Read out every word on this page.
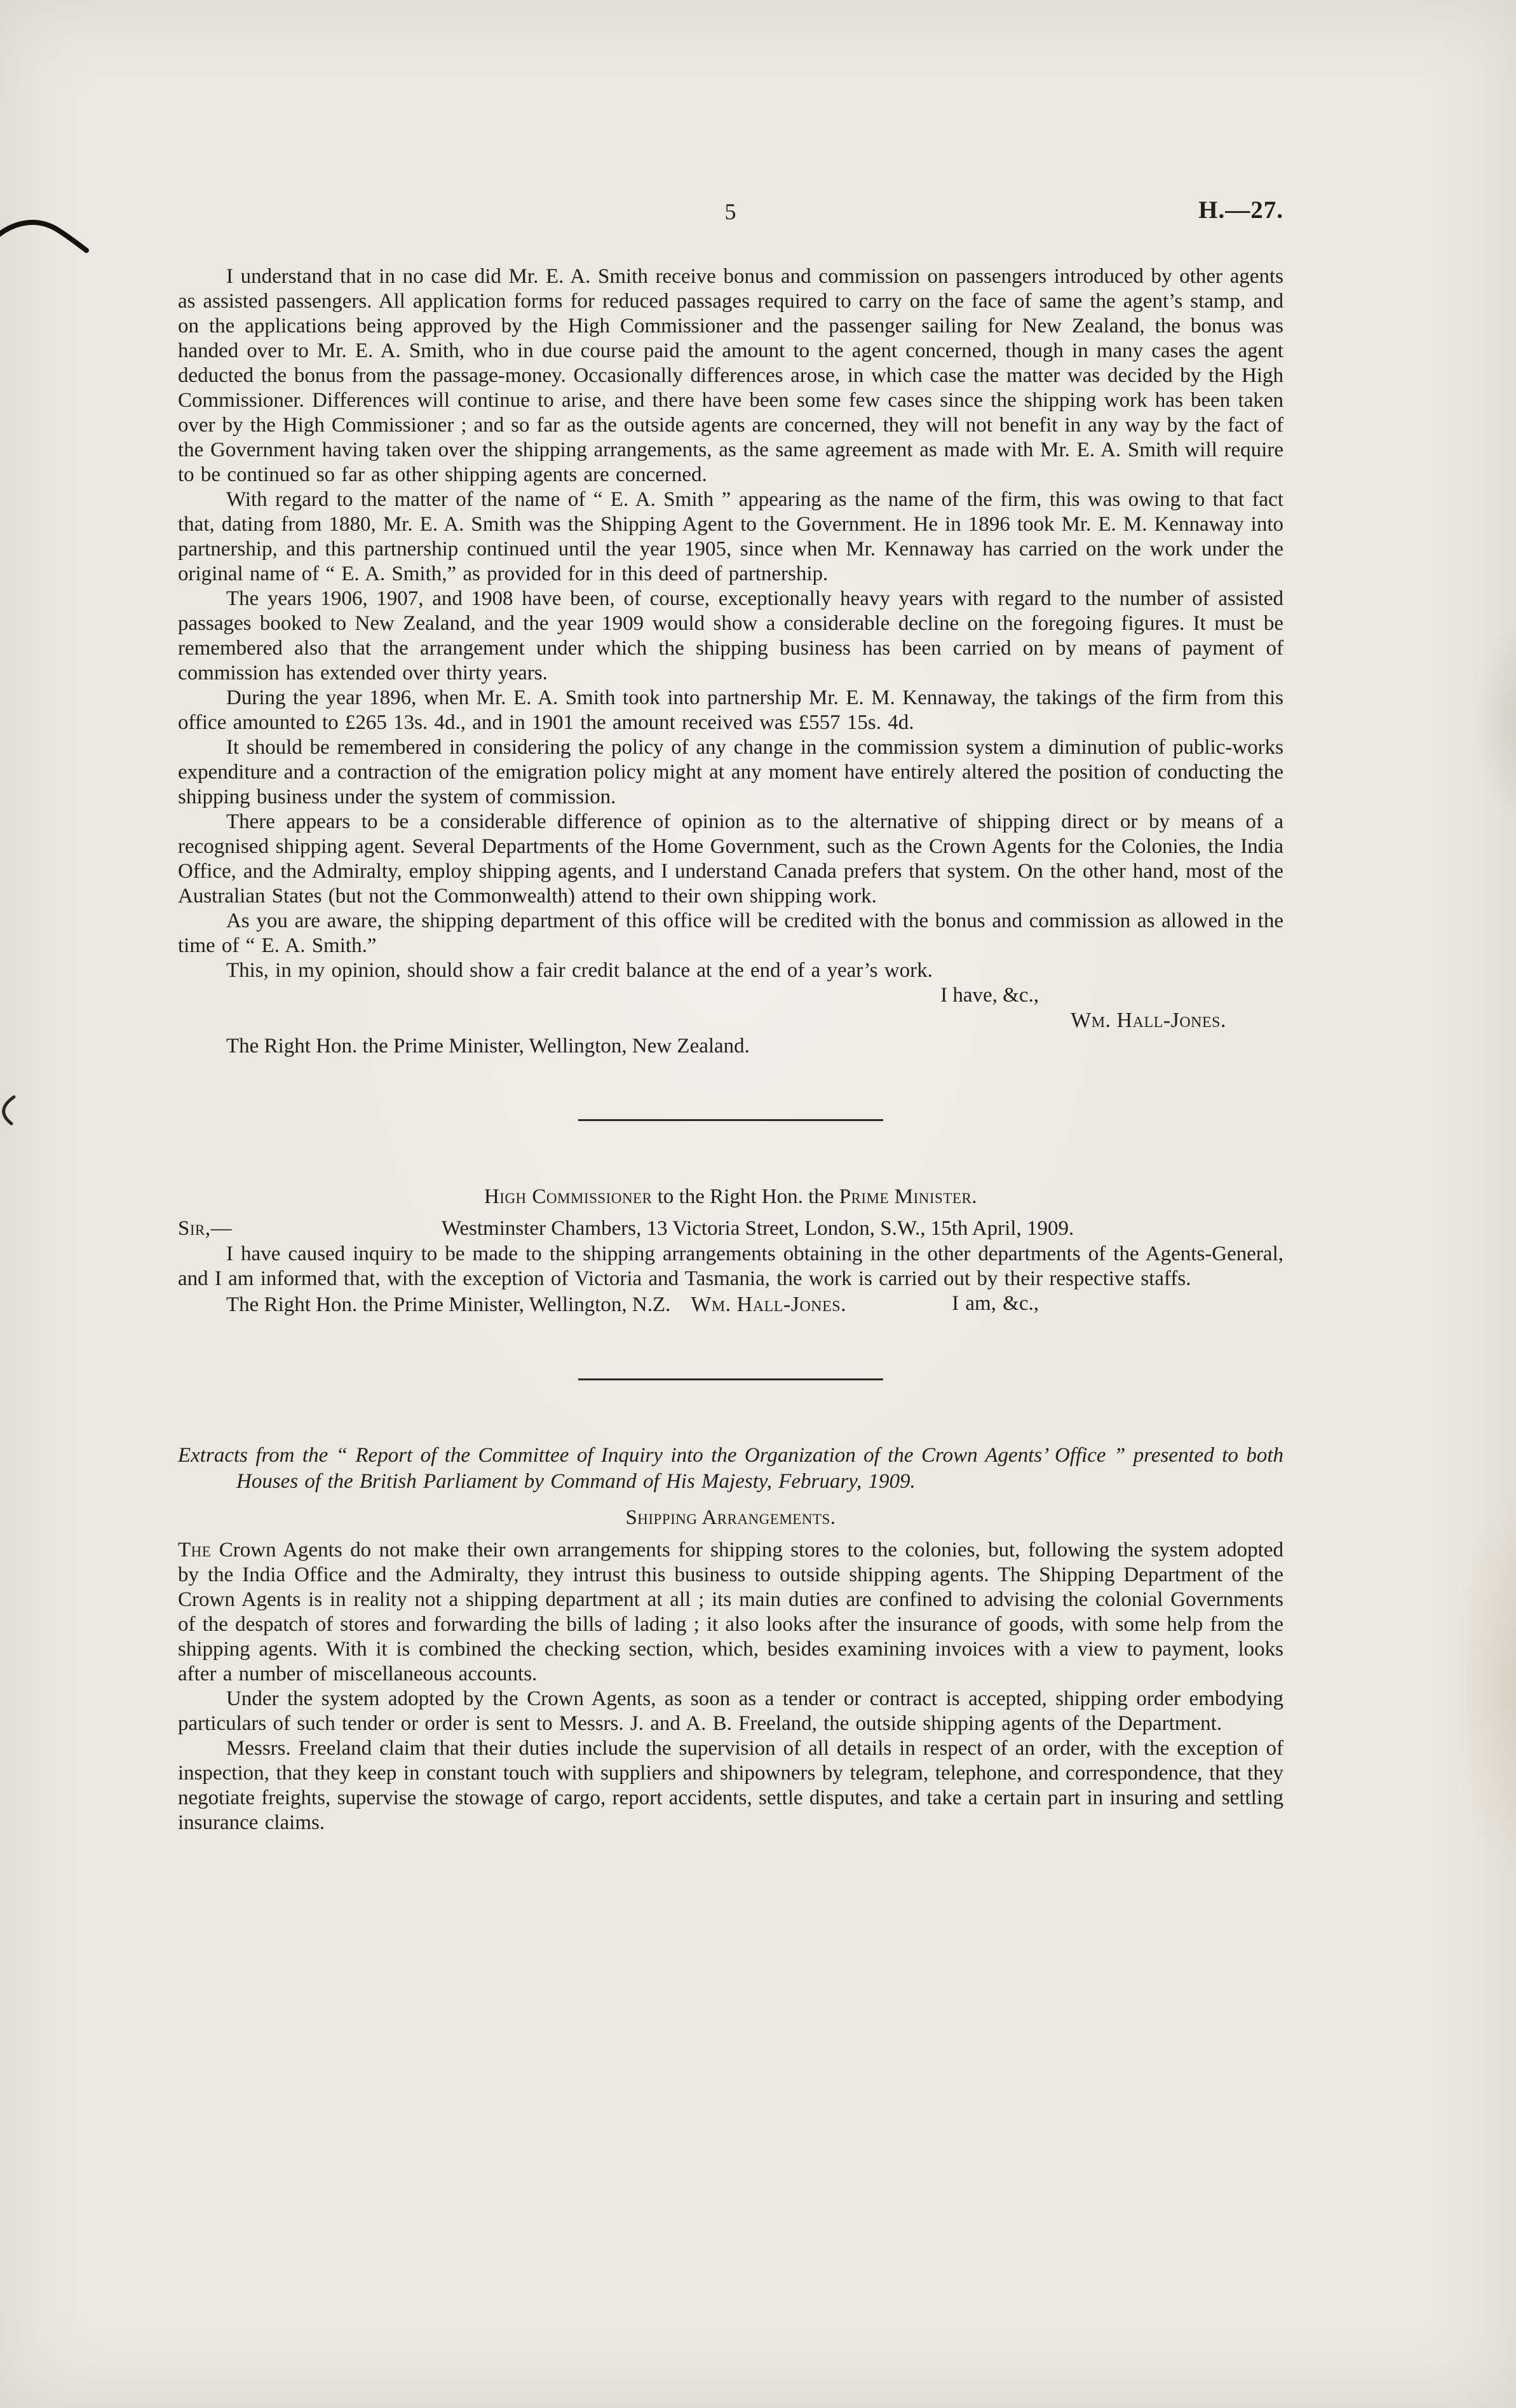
5	H.—27.

I understand that in no case did Mr. E. A. Smith receive bonus and commission on passengers introduced by other agents as assisted passengers. All application forms for reduced passages required to carry on the face of same the agent’s stamp, and on the applications being approved by the High Commissioner and the passenger sailing for New Zealand, the bonus was handed over to Mr. E. A. Smith, who in due course paid the amount to the agent concerned, though in many cases the agent deducted the bonus from the passage-money. Occasionally differences arose, in which case the matter was decided by the High Commissioner. Differences will continue to arise, and there have been some few cases since the shipping work has been taken over by the High Commissioner ; and so far as the outside agents are concerned, they will not benefit in any way by the fact of the Government having taken over the shipping arrangements, as the same agreement as made with Mr. E. A. Smith will require to be continued so far as other shipping agents are concerned.

With regard to the matter of the name of “ E. A. Smith ” appearing as the name of the firm, this was owing to that fact that, dating from 1880, Mr. E. A. Smith was the Shipping Agent to the Government. He in 1896 took Mr. E. M. Kennaway into partnership, and this partnership continued until the year 1905, since when Mr. Kennaway has carried on the work under the original name of “ E. A. Smith,” as provided for in this deed of partnership.

The years 1906, 1907, and 1908 have been, of course, exceptionally heavy years with regard to the number of assisted passages booked to New Zealand, and the year 1909 would show a considerable decline on the foregoing figures. It must be remembered also that the arrangement under which the shipping business has been carried on by means of payment of commission has extended over thirty years.

During the year 1896, when Mr. E. A. Smith took into partnership Mr. E. M. Kennaway, the takings of the firm from this office amounted to £265 13s. 4d., and in 1901 the amount received was £557 15s. 4d.

It should be remembered in considering the policy of any change in the commission system a diminution of public-works expenditure and a contraction of the emigration policy might at any moment have entirely altered the position of conducting the shipping business under the system of commission.

There appears to be a considerable difference of opinion as to the alternative of shipping direct or by means of a recognised shipping agent. Several Departments of the Home Government, such as the Crown Agents for the Colonies, the India Office, and the Admiralty, employ shipping agents, and I understand Canada prefers that system. On the other hand, most of the Australian States (but not the Commonwealth) attend to their own shipping work.

As you are aware, the shipping department of this office will be credited with the bonus and commission as allowed in the time of “ E. A. Smith.”

This, in my opinion, should show a fair credit balance at the end of a year’s work.

I have, &c.,
Wm. Hall-Jones.
The Right Hon. the Prime Minister, Wellington, New Zealand.
High Commissioner to the Right Hon. the Prime Minister.
Sir,—	Westminster Chambers, 13 Victoria Street, London, S.W., 15th April, 1909.

I have caused inquiry to be made to the shipping arrangements obtaining in the other departments of the Agents-General, and I am informed that, with the exception of Victoria and Tasmania, the work is carried out by their respective staffs.
I am, &c.,

The Right Hon. the Prime Minister, Wellington, N.Z. Wm. Hall-Jones.

Extracts from the “ Report of the Committee of Inquiry into the Organization of the Crown Agents’ Office ” presented to both Houses of the British Parliament by Command of His Majesty, February, 1909.

Shipping Arrangements.

The Crown Agents do not make their own arrangements for shipping stores to the colonies, but, following the system adopted by the India Office and the Admiralty, they intrust this business to outside shipping agents. The Shipping Department of the Crown Agents is in reality not a shipping department at all ; its main duties are confined to advising the colonial Governments of the despatch of stores and forwarding the bills of lading ; it also looks after the insurance of goods, with some help from the shipping agents. With it is combined the checking section, which, besides examining invoices with a view to payment, looks after a number of miscellaneous accounts.

Under the system adopted by the Crown Agents, as soon as a tender or contract is accepted, shipping order embodying particulars of such tender or order is sent to Messrs. J. and A. B. Freeland, the outside shipping agents of the Department.

Messrs. Freeland claim that their duties include the supervision of all details in respect of an order, with the exception of inspection, that they keep in constant touch with suppliers and shipowners by telegram, telephone, and correspondence, that they negotiate freights, supervise the stowage of cargo, report accidents, settle disputes, and take a certain part in insuring and settling insurance claims.
